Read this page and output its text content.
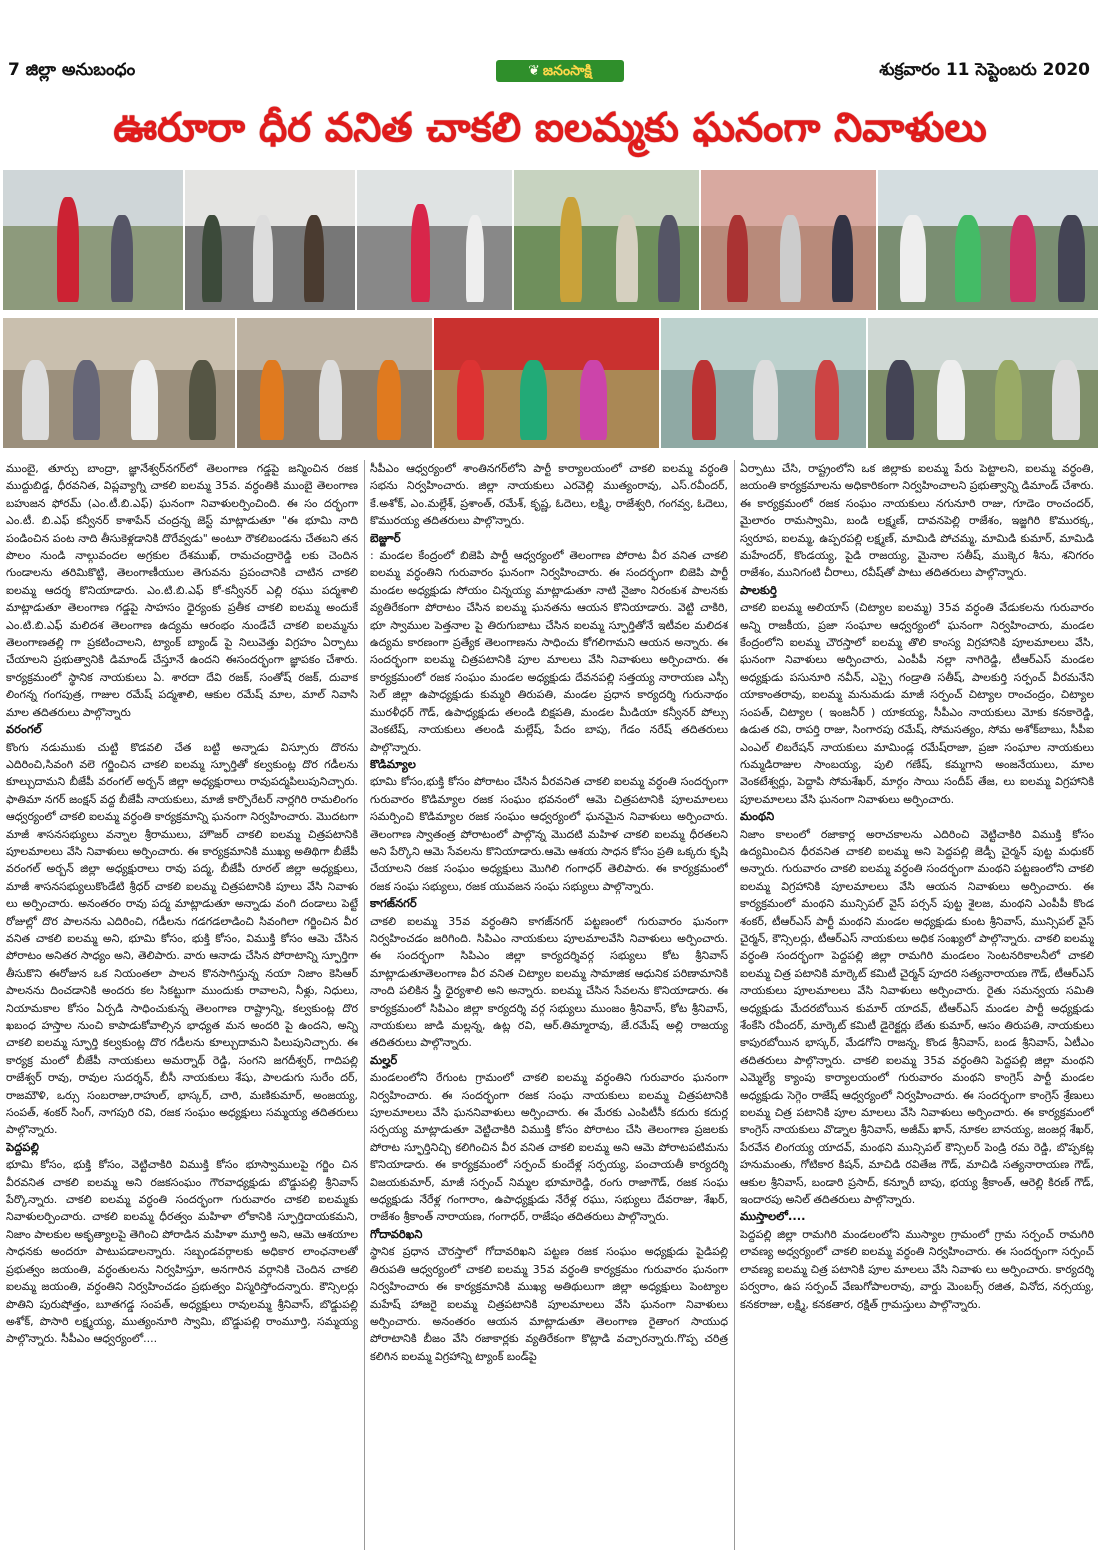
7 జిల్లా అనుబంధం	❦ జనంసాక్షి	శుక్రవారం 11 సెప్టెంబరు 2020
ఊరూరా ధీర వనిత చాకలి ఐలమ్మకు ఘనంగా నివాళులు

ముంబై, తూర్పు బాంద్రా, జ్ఞానేశ్వర్‌నగర్‌లో తెలంగాణ గడ్డపై జన్మించిన రజక ముద్దుబిడ్డ, ధీరవనిత, విప్లవ్యాగ్ని చాకలి ఐలమ్మ 35వ. వర్ధంతికి ముంబై తెలంగాణ బహుజన ఫోరమ్ (ఎం.టీ.బి.ఎఫ్) ఘనంగా నివాళులర్పించింది. ఈ సం దర్భంగా ఎం.టీ. బి.ఎఫ్ కన్వీనర్ కాశాపేన్ చంద్రన్న జెస్ట్ మాట్లాడుతూ "ఈ భూమి నాది పండించిన పంట నాది తీసుకెళ్లడానికి దొరేవ్వడు" అంటూ రౌకలిబండను చేతబని తన పొలం నుండి నాల్గువందల అగ్రకుల దేశముఖ్, రామచంద్రారెడ్డి లకు చెందిన గుండాలను తరిమికొట్టి, తెలంగాణీయుల తెగువను ప్రపంచానికి చాటిన చాకలి ఐలమ్మ ఆదర్శ కొనియాడారు. ఎం.టి.బి.ఎఫ్ కో-కన్వీనర్ ఎల్లి రఘు పద్మశాలి మాట్లాడుతూ తెలంగాణ గడ్డపై సాహసం ధైర్యంకు ప్రతీక చాకలి ఐలమ్మ అందుకే ఎం.టి.బి.ఎఫ్ మలిదశ తెలంగాణ ఉద్యమ ఆరంభం నుండేచే చాకలి ఐలమ్మను తెలంగాణతల్లి గా ప్రకటించాలని, ట్యాంక్ బ్యాండ్ పై నిలువెత్తు విగ్రహం ఏర్పాటు చేయాలని ప్రభుత్వానికి డిమాండ్ చేస్తూనే ఉందని ఈసందర్భంగా జ్ఞాపకం చేశారు. కార్యక్రమంలో స్థానిక నాయకులు ఏ. శారదా దేవి రజక్, సంతోష్ రజక్, దువాక లింగన్న గంగపుత్ర, గాజుల రమేష్ పద్మశాలి, ఆకుల రమేష్ మాల, మాల్ నివాసి మాల తదితరులు పాల్గొన్నారు

వరంగల్

కొంగు నడుముకు చుట్టి కొడవలి చేత బట్టి అన్నాడు విస్సూరు దొరను ఎదిరించి,సివంగి వలె గర్జించిన చాకలి ఐలమ్మ స్ఫూర్తితో కల్వకుంట్ల దొర గడీలను కూల్చుదామని బీజేపీ వరంగల్ అర్బన్ జిల్లా అధ్యక్షురాలు రావుపద్మపిలుపునిచ్చారు. ఫాతిమా నగర్ జంక్షన్ వద్ద బీజేపీ నాయకులు, మాజీ కార్పొరేటర్ నార్లగిరి రామలింగం ఆధ్వర్యంలో చాకలి ఐలమ్మ వర్ధంతి కార్యక్రమాన్ని ఘనంగా నిర్వహించారు. మొదటగా మాజీ శాసనసభ్యులు వన్నాల శ్రీరాములు, హౌజర్ చాకలి ఐలమ్మ చిత్రపటానికి పూలమాలలు వేసి నివాళులు అర్పించారు. ఈ కార్యక్రమానికి ముఖ్య అతిథిగా బీజేపీ వరంగల్ అర్బన్ జిల్లా అధ్యక్షురాలు రావు పద్మ, బీజేపీ రూరల్ జిల్లా అధ్యక్షులు, మాజీ శాసనసభ్యులుకొండేటి శ్రీధర్ చాకలి ఐలమ్మ చిత్రపటానికి పూలు వేసి నివాళు లు అర్పించారు. అనంతరం రావు పద్మ మాట్లాడుతూ అన్నాడు వంగి దండాలు పెట్టే రోజుల్లో దొర పాలనను ఎదిరించి, గడీలను గడగడలాడించి సివంగిలా గర్జించిన వీర వనిత చాకలి ఐలమ్మ అని, భూమి కోసం, భుక్తి కోసం, విముక్తి కోసం ఆమె చేసిన పోరాటం అనితర సాధ్యం అని, తెలిపారు. వారు ఆనాడు చేసిన పోరాటాన్ని స్ఫూర్తిగా తీసుకొని ఈరోజున ఒక నియంతలా పాలన కొనసాగిస్తున్న నయా నిజాం కెసిఆర్ పాలనను దించడానికి అందరు కల సికట్టుగా ముందుకు రావాలని, నీళ్లు, నిధులు, నియామకాల కోసం ఏర్పడి సాధించుకున్న తెలంగాణ రాష్ట్రాన్ని, కల్వకుంట్ల దొర ఖబంధ హస్తాల నుంచి కాపాడుకోవాల్సిన భాధ్యత మన అందరి పై ఉందని, అన్ని చాకలి ఐలమ్మ స్ఫూర్తి కల్వకుంట్ల దొర గడీలను కూల్చుదామని పిలుపునిచ్చారు. ఈ కార్యక్ర మంలో బీజేపీ నాయకులు అమర్నాథ్ రెడ్డి, సంగని జగదీశ్వర్, గాదిపల్లి రాజేశ్వర్ రావు, రావుల సుదర్శన్, బీసీ నాయకులు శేషు, పాలడుగు సురేం దర్, రాజమౌళి, ఒర్సు సంబరాజు,రాహుల్, భాస్కర్, చారి, మణికుమార్, అంజయ్య, సంపత్, శంకర్ సింగ్, నాగపురి రవి, రజక సంఘం అధ్యక్షులు సమ్మయ్య తదితరులు పాల్గొన్నారు.

పెద్దపల్లి

భూమి కోసం, భుక్తి కోసం, వెట్టిచాకిరి విముక్తి కోసం భూస్వాములపై గర్జిం చిన వీరవనిత చాకలి ఐలమ్మ అని రజకసంఘం గౌరవాధ్యక్షుడు బొడ్డుపల్లి శ్రీనివాస్ పేర్కొన్నారు. చాకలి ఐలమ్మ వర్ధంతి సందర్భంగా గురువారం చాకలి ఐలమ్మకు నివాళులర్పించారు. చాకలి ఐలమ్మ ధీరత్వం మహిళా లోకానికి స్ఫూర్తిదాయకమని, నిజాం పాలకుల అకృత్యాలపై తెగించి పోరాడిన మహిళా మూర్తి అని, ఆమె ఆశయాల సాధనకు అందరూ పాటుపడాలన్నారు. సబ్బండవర్గాలకు అధికార లాంఛనాలతో ప్రభుత్వం జయంతి, వర్ధంతులను నిర్వహిస్తూ, అనగారిన వర్గానికి చెందిన చాకలి ఐలమ్మ జయంతి, వర్ధంతిని నిర్వహించడం ప్రభుత్వం విస్మరిస్తోందన్నారు. కౌన్సిలర్లు పొతిని పురుషోత్తం, బూతగడ్డ సంపత్, అధ్యక్షులు రావులమ్మ శ్రీనివాస్, బొడ్డుపల్లి అశోక్, పొసారి లక్ష్మయ్య, ముత్యంనూరి స్వామి, బొడ్డుపల్లి రాంమూర్తి, సమ్మయ్య పాల్గొన్నారు. సీపీఎం ఆధ్వర్యంలో....

సీపీఎం ఆధ్వర్యంలో శాంతినగర్‌లోని పార్టీ కార్యాలయంలో చాకలి ఐలమ్మ వర్ధంతి సభను నిర్వహించారు. జిల్లా నాయకులు ఎరవెల్లి ముత్యంరావు, ఎస్.రవీందర్, కే.అశోక్, ఎం.మల్లేశ్, ప్రశాంత్, రమేశ్, కృష్ణ, ఓదెలు, లక్ష్మి, రాజేశ్వరి, గంగవ్వ, ఓదెలు, కొమురయ్య తదితరులు పాల్గొన్నారు.

బెజ్జూర్

: మండల కేంద్రంలో బిజెపి పార్టీ ఆధ్వర్యంలో తెలంగాణ పోరాట వీర వనిత చాకలి ఐలమ్మ వర్ధంతిని గురువారం ఘనంగా నిర్వహించారు. ఈ సందర్భంగా బిజెపి పార్టీ మండల అధ్యక్షుడు సోయం చిన్నయ్య మాట్లాడుతూ నాటి నైజాం నిరంకుశ పాలనకు వ్యతిరేకంగా పోరాటం చేసిన ఐలమ్మ ఘనతను ఆయన కొనియాడారు. వెట్టి చాకిరి, భూ స్వాముల పెత్తనాల పై తిరుగుబాటు చేసిన ఐలమ్మ స్ఫూర్తితోనే ఇటీవల మలిదశ ఉద్యమ కారణంగా ప్రత్యేక తెలంగాణను సాధించు కోగలిగామని ఆయన అన్నారు. ఈ సందర్భంగా ఐలమ్మ చిత్రపటానికి పూల మాలలు వేసి నివాళులు అర్పించారు. ఈ కార్యక్రమంలో రజక సంఘం మండల అధ్యక్షుడు దేవనపల్లి సత్తయ్య నారాయణ ఎస్సీ సెల్ జిల్లా ఉపాధ్యక్షుడు కుమ్మరి తిరుపతి, మండల ప్రధాన కార్యదర్శి గురునాథం మురళీధర్ గౌడ్, ఉపాధ్యక్షుడు తలండి బిక్షపతి, మండల మీడియా కన్వీనర్ పోల్సు వెంకటేష్, నాయకులు తలండి మల్లేష్, పేదం బాపు, గేడం నరేష్ తదితరులు పాల్గొన్నారు.

కొడిమ్యాల

భూమి కోసం,భుక్తి కోసం పోరాటం చేసిన వీరవనిత చాకలి ఐలమ్మ వర్ధంతి సందర్భంగా గురువారం కొడిమ్యాల రజక సంఘం భవనంలో ఆమె చిత్రపటానికి పూలమాలలు సమర్పించి కొడిమ్యాల రజక సంఘం ఆధ్వర్యంలో ఘనమైన నివాళులు అర్పించారు. తెలంగాణ స్వాతంత్ర పోరాటంలో పాల్గొన్న మొదటి మహిళ చాకలి ఐలమ్మ ధీరతలని అని పేర్కొని ఆమె సేవలను కొనియాడారు.ఆమె ఆశయ సాధన కోసం ప్రతి ఒక్కరు కృషి చేయాలని రజక సంఘం అధ్యక్షులు మొగిలి గంగాధర్ తెలిపారు. ఈ కార్యక్రమంలో రజక సంఘ సభ్యులు, రజక యువజన సంఘ సభ్యులు పాల్గొన్నారు.

కాగజ్‌నగర్

చాకలి ఐలమ్మ 35వ వర్ధంతిని కాగజ్‌నగర్ పట్టణంలో గురువారం ఘనంగా నిర్వహించడం జరిగింది. సిపిఎం నాయకులు పూలమాలవేసి నివాళులు అర్పించారు. ఈ సందర్భంగా సిపిఎం జిల్లా కార్యదర్శివర్గ సభ్యులు కోట శ్రీనివాస్ మాట్లాడుతూతెలంగాణ వీర వనిత చిట్యాల ఐలమ్మ సామాజిక ఆధునిక పరిణామానికి నాంది పలికిన స్త్రీ ధైర్యశాలి అని అన్నారు. ఐలమ్మ చేసిన సేవలను కొనియాడారు. ఈ కార్యక్రమంలో సిపిఎం జిల్లా కార్యదర్శి వర్గ సభ్యులు ముంజం శ్రీనివాస్, కోట శ్రీనివాస్, నాయకులు జాడి మల్లన్న, ఉట్ల రవి, ఆర్.తిమ్మారావు, జే.రమేష్ అల్లి రాజయ్య తదితరులు పాల్గొన్నారు.

మల్హర్

మండలంలోని రేగుంట గ్రామంలో చాకలి ఐలమ్మ వర్ధంతిని గురువారం ఘనంగా నిర్వహించారు. ఈ సందర్భంగా రజక సంఘ నాయకులు ఐలమ్మ చిత్రపటానికి పూలమాలలు వేసి ఘననివాళులు అర్పించారు. ఈ మేరకు ఎంపిటీసీ కదురు కదుర్ల సర్పయ్య మాట్లాడుతూ వెట్టిచాకిరి విముక్తి కోసం పోరాటం చేసి తెలంగాణ ప్రజలకు పోరాట స్ఫూర్తినిచ్చి కలిగించిన వీర వనిత చాకలి ఐలమ్మ అని ఆమె పోరాటపటిమను కొనియాడారు. ఈ కార్యక్రమంలో సర్పంచ్ కుందేళ్ల సర్పయ్య, పంచాయతీ కార్యదర్శి విజయకుమార్, మాజీ సర్పంచ్ నిమ్మల భూమారెడ్డి, రంగు రాజాగౌడ్, రజక సంఘ అధ్యక్షుడు నేరేళ్ల గంగారాం, ఉపాధ్యక్షుడు నేరేళ్ల రఘు, సభ్యులు దేవరాజు, శేఖర్, రాజేశం శ్రీకాంత్ నారాయణ, గంగాధర్, రాజేషం తదితరులు పాల్గొన్నారు.

గోదావరిఖని

స్థానిక ప్రధాన చౌరస్తాలో గోదావరిఖని పట్టణ రజక సంఘం అధ్యక్షుడు పైడిపల్లి తిరుపతి ఆధ్వర్యంలో చాకలి ఐలమ్మ 35వ వర్ధంతి కార్యక్రమం గురువారం ఘనంగా నిర్వహించారు ఈ కార్యక్రమానికి ముఖ్య అతిథులుగా జిల్లా అధ్యక్షులు పెంట్యాల మహేష్ హాజరై ఐలమ్మ చిత్రపటానికి పూలమాలలు వేసి ఘనంగా నివాళులు అర్పించారు. అనంతరం ఆయన మాట్లాడుతూ తెలంగాణ రైతాంగ సాయుధ పోరాటానికి బీజం వేసి రజాకార్లకు వ్యతిరేకంగా కొట్లాడి వచ్చారన్నారు.గొప్ప చరిత్ర కలిగిన ఐలమ్మ విగ్రహాన్ని ట్యాంక్ బండ్‌పై

ఏర్పాటు చేసి, రాష్ట్రంలోని ఒక జిల్లాకు ఐలమ్మ పేరు పెట్టాలని, ఐలమ్మ వర్ధంతి, జయంతి కార్యక్రమాలను అధికారికంగా నిర్వహించాలని ప్రభుత్వాన్ని డిమాండ్ చేశారు. ఈ కార్యక్రమంలో రజక సంఘం నాయకులు నగునూరి రాజు, గూడెం రాంచందర్, మైలారం రామస్వామి, బండి లక్ష్మణ్, దావనపెల్లి రాజేశం, ఇజ్జగిరి కొమురక్క, స్వరూప, ఐలమ్మ, ఉప్పరపల్లి లక్ష్మణ్, మామిడి పోచమ్మ, మామిడి కుమార్, మామిడి మహేందర్, కొండయ్య, పైడి రాజయ్య, మైనాల సతీష్, ముక్కెర శీను, శనిగరం రాజేశం, మునిగంటి చీరాలు, రవీష్‌తో పాటు తదితరులు పాల్గొన్నారు.

పాలకుర్తి

చాకలి ఐలమ్మ అలియాస్ (చిట్యాల ఐలమ్మ) 35వ వర్ధంతి వేడుకలను గురువారం అన్ని రాజకీయ, ప్రజా సంఘాల ఆధ్వర్యంలో ఘనంగా నిర్వహించారు, మండల కేంద్రంలోని ఐలమ్మ చౌరస్తాలో ఐలమ్మ తొలి కాంస్య విగ్రహానికి పూలమాలలు వేసి, ఘనంగా నివాళులు అర్పించారు, ఎంపీపీ నల్లా నాగిరెడ్డి, టీఆర్ఎస్ మండల అధ్యక్షుడు పసునూరి నవీన్, ఎస్సై గండ్రాతి సతీష్, పాలకుర్తి సర్పంచ్ వీరమనేని యాకాంతరావు, ఐలమ్మ మనుమడు మాజీ సర్పంచ్ చిట్యాల రాంచంద్రం, చిట్యాల సంపత్, చిట్యాల ( ఇంజనీర్ ) యాకయ్య, సీపీఎం నాయకులు మోకు కనకారెడ్డి, ఉడుత రవి, రాపర్తి రాజు, సింగారపు రమేష్, సోమసత్యం, సోమ అశోక్‌బాబు, సీపీఐ ఎంఎల్ లిబరేషన్ నాయకులు మామిండ్ల రమేష్‌రాజా, ప్రజా సంఘాల నాయకులు గుమ్మడిరాజుల సాంబయ్య, పులి గణేష్, కమ్మగాని అంజనేయులు, మాల వెంకటేశ్వర్లు, పెద్దాపి సోమశేఖర్, మార్గం సాయి సందీప్ తేజ, లు ఐలమ్మ విగ్రహానికి పూలమాలలు వేసి ఘనంగా నివాళులు అర్పించారు.

మంథని

నిజాం కాలంలో రజాకార్ల అరాచకాలను ఎదిరించి వెట్టిచాకిరి విముక్తి కోసం ఉద్యమించిన ధీరవనిత చాకలి ఐలమ్మ అని పెద్దపల్లి జెడ్పీ చైర్మన్ పుట్ట మధుకర్ అన్నారు. గురువారం చాకలి ఐలమ్మ వర్ధంతి సందర్భంగా మంథని పట్టణంలోని చాకలి ఐలమ్మ విగ్రహానికి పూలమాలలు వేసి ఆయన నివాళులు అర్పించారు. ఈ కార్యక్రమంలో మంథని మున్సిపల్ వైస్ పర్సన్ పుట్ట శైలజ, మంథని ఎంపీపీ కొండ శంకర్, టీఆర్ఎస్ పార్టీ మంథని మండల అధ్యక్షుడు కుంట శ్రీనివాస్, మున్సిపల్ వైస్ చైర్మన్, కౌన్సిలర్లు, టీఆర్ఎస్ నాయకులు అధిక సంఖ్యలో పాల్గొన్నారు. చాకలి ఐలమ్మ వర్ధంతి సందర్భంగా పెద్దపల్లి జిల్లా రామగిరి మండలం సెంటనరికాలనీలో చాకలి ఐలమ్మ చిత్ర పటానికి మార్కెట్ కమిటీ చైర్మన్ పూదరి సత్యనారాయణ గౌడ్, టీఆర్ఎస్ నాయకులు పూలమాలలు వేసి నివాళులు అర్పించారు. రైతు సమన్వయ సమితి అధ్యక్షుడు మేదరబోయిన కుమార్ యాదవ్, టీఆర్ఎస్ మండల పార్టీ అధ్యక్షుడు శేంకేసి రవీందర్, మార్కెట్ కమిటీ డైరెక్టర్లు బేతు కుమార్, ఆసం తిరుపతి, నాయకులు కాపురబోయిన భాస్కర్, మేడగోని రాజన్న, కొండ శ్రీనివాస్, బండ శ్రీనివాస్, ఏటీఎం తదితరులు పాల్గొన్నారు. చాకలి ఐలమ్మ 35వ వర్ధంతిని పెద్దపల్లి జిల్లా మంథని ఎమ్మెల్యే క్యాంపు కార్యాలయంలో గురువారం మంథని కాంగ్రెస్ పార్టీ మండల అధ్యక్షుడు సెగ్గెం రాజేష్ ఆధ్వర్యంలో నిర్వహించారు. ఈ సందర్భంగా కాంగ్రెస్ శ్రేణులు ఐలమ్మ చిత్ర పటానికి పూల మాలలు వేసి నివాళులు అర్పించారు. ఈ కార్యక్రమంలో కాంగ్రెస్ నాయకులు వొడ్నాల శ్రీనివాస్, అజీమ్ ఖాన్, నూకల బానయ్య, జంజర్ల శేఖర్, పేరవేన లింగయ్య యాదవ్, మంథని మున్సిపల్ కౌన్సిలర్ పెండ్రి రమ రెడ్డి, బొప్పకట్ల హనుమంతు, గోటికార కిషన్, మాచిడి రవితేజ గౌడ్, మాచిడి సత్యనారాయణ గౌడ్, ఆకుల శ్రీనివాస్, బండారి ప్రసాద్, కన్నూరీ బాపు, భయ్య శ్రీకాంత్, ఆరెల్లి కిరణ్ గౌడ్, ఇందారపు అనిల్ తదితరులు పాల్గొన్నారు.

ముస్తాలలో....

పెద్దపల్లి జిల్లా రామగిరి మండలంలోని ముస్యాల గ్రామంలో గ్రామ సర్పంచ్ రామగిరి లావణ్య అధ్వర్యంలో చాకలి ఐలమ్మ వర్ధంతి నిర్వహించారు. ఈ సందర్భంగా సర్పంచ్ లావణ్య ఐలమ్మ చిత్ర పటానికి పూల మాలలు వేసి నివాళు లు అర్పించారు. కార్యదర్శి పర్వరాం, ఉప సర్పంచ్ వేణుగోపాలరావు, వార్డు మెంబర్స్ రజిత, వినోద, నర్సయ్య, కనకరాజు, లక్ష్మి, కనకతార, రక్షిత్ గ్రామస్తులు పాల్గొన్నారు.
